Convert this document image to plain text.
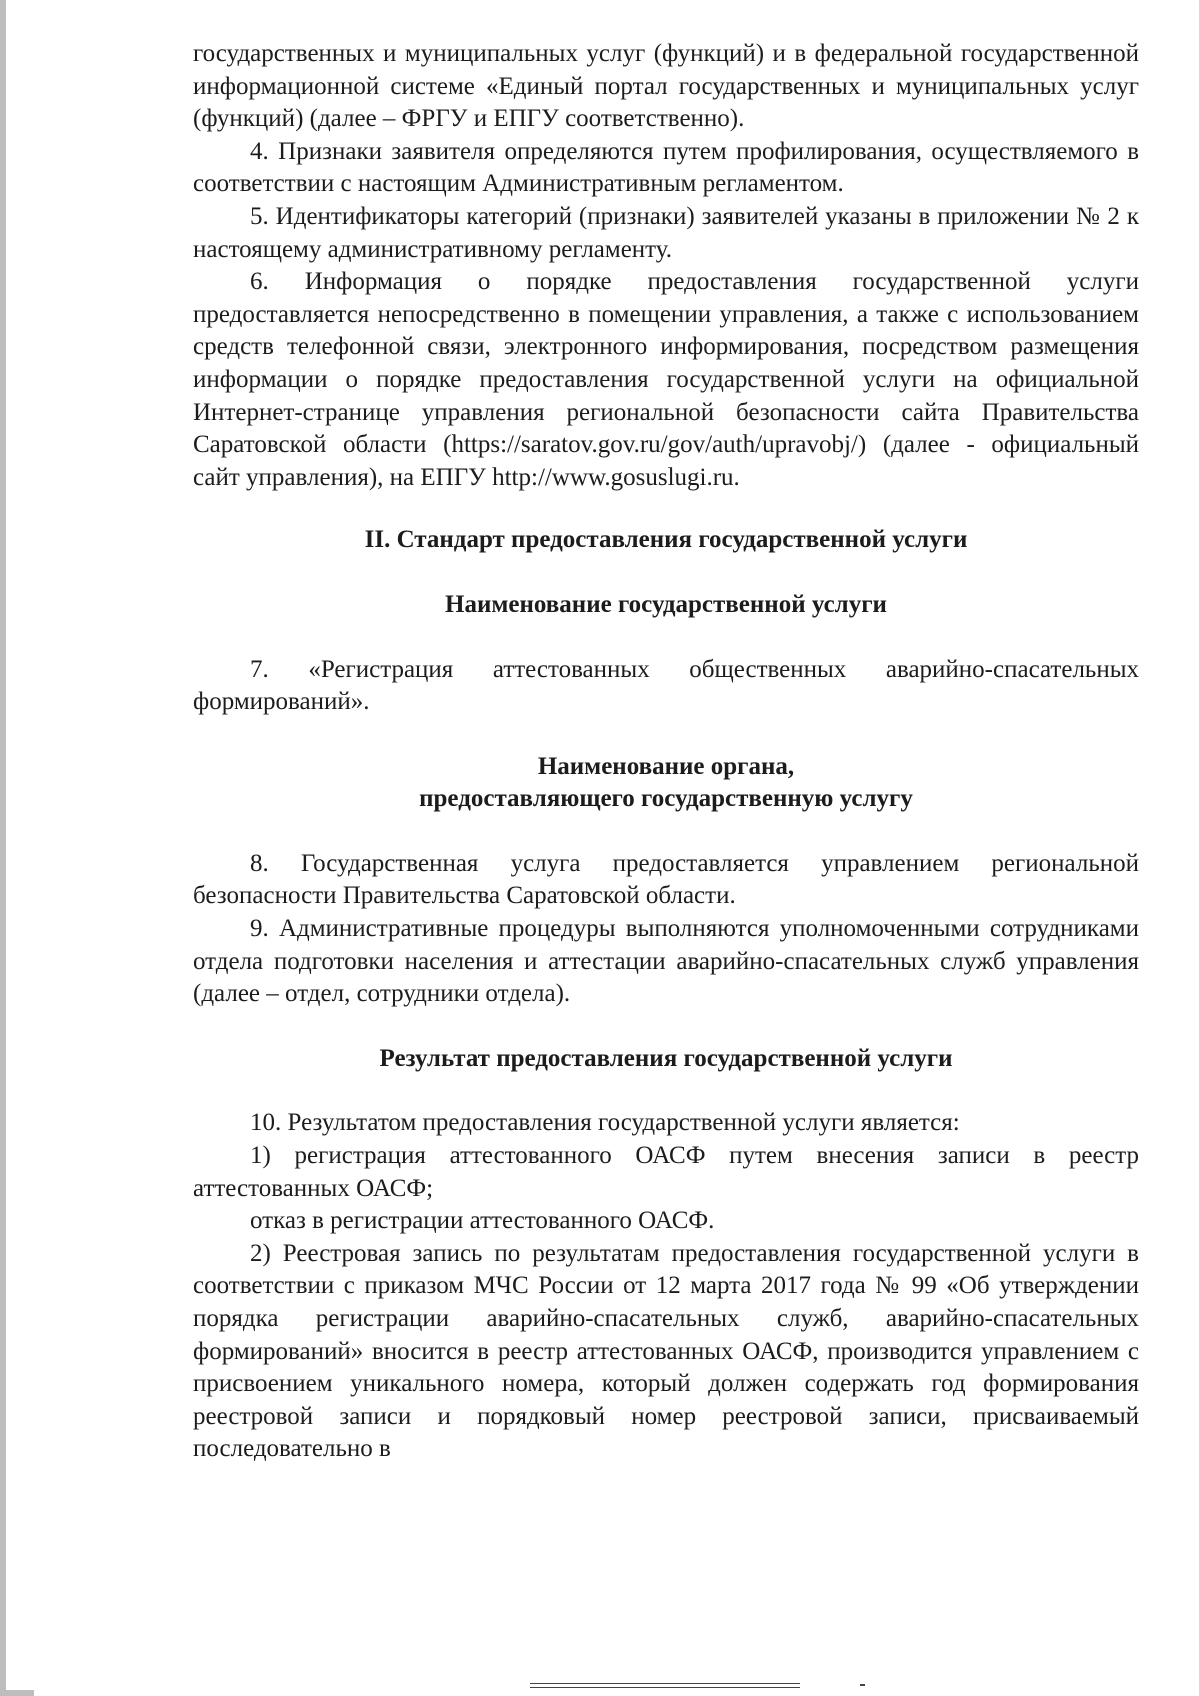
государственных и муниципальных услуг (функций) и в федеральной государственной информационной системе «Единый портал государственных и муниципальных услуг (функций) (далее – ФРГУ и ЕПГУ соответственно).

4. Признаки заявителя определяются путем профилирования, осуществляемого в соответствии с настоящим Административным регламентом.

5. Идентификаторы категорий (признаки) заявителей указаны в приложении № 2 к настоящему административному регламенту.

6. Информация о порядке предоставления государственной услуги предоставляется непосредственно в помещении управления, а также с использованием средств телефонной связи, электронного информирования, посредством размещения информации о порядке предоставления государственной услуги на официальной Интернет-странице управления региональной безопасности сайта Правительства Саратовской области (https://saratov.gov.ru/gov/auth/upravobj/) (далее - официальный сайт управления), на ЕПГУ http://www.gosuslugi.ru.

II. Стандарт предоставления государственной услуги
Наименование государственной услуги

7. «Регистрация аттестованных общественных аварийно-спасательных формирований».

Наименование органа,
предоставляющего государственную услугу

8. Государственная услуга предоставляется управлением региональной безопасности Правительства Саратовской области.

9. Административные процедуры выполняются уполномоченными сотрудниками отдела подготовки населения и аттестации аварийно-спасательных служб управления (далее – отдел, сотрудники отдела).

Результат предоставления государственной услуги

10. Результатом предоставления государственной услуги является:

1) регистрация аттестованного ОАСФ путем внесения записи в реестр аттестованных ОАСФ;

отказ в регистрации аттестованного ОАСФ.

2) Реестровая запись по результатам предоставления государственной услуги в соответствии с приказом МЧС России от 12 марта 2017 года № 99 «Об утверждении порядка регистрации аварийно-спасательных служб, аварийно-спасательных формирований» вносится в реестр аттестованных ОАСФ, производится управлением с присвоением уникального номера, который должен содержать год формирования реестровой записи и порядковый номер реестровой записи, присваиваемый последовательно в
